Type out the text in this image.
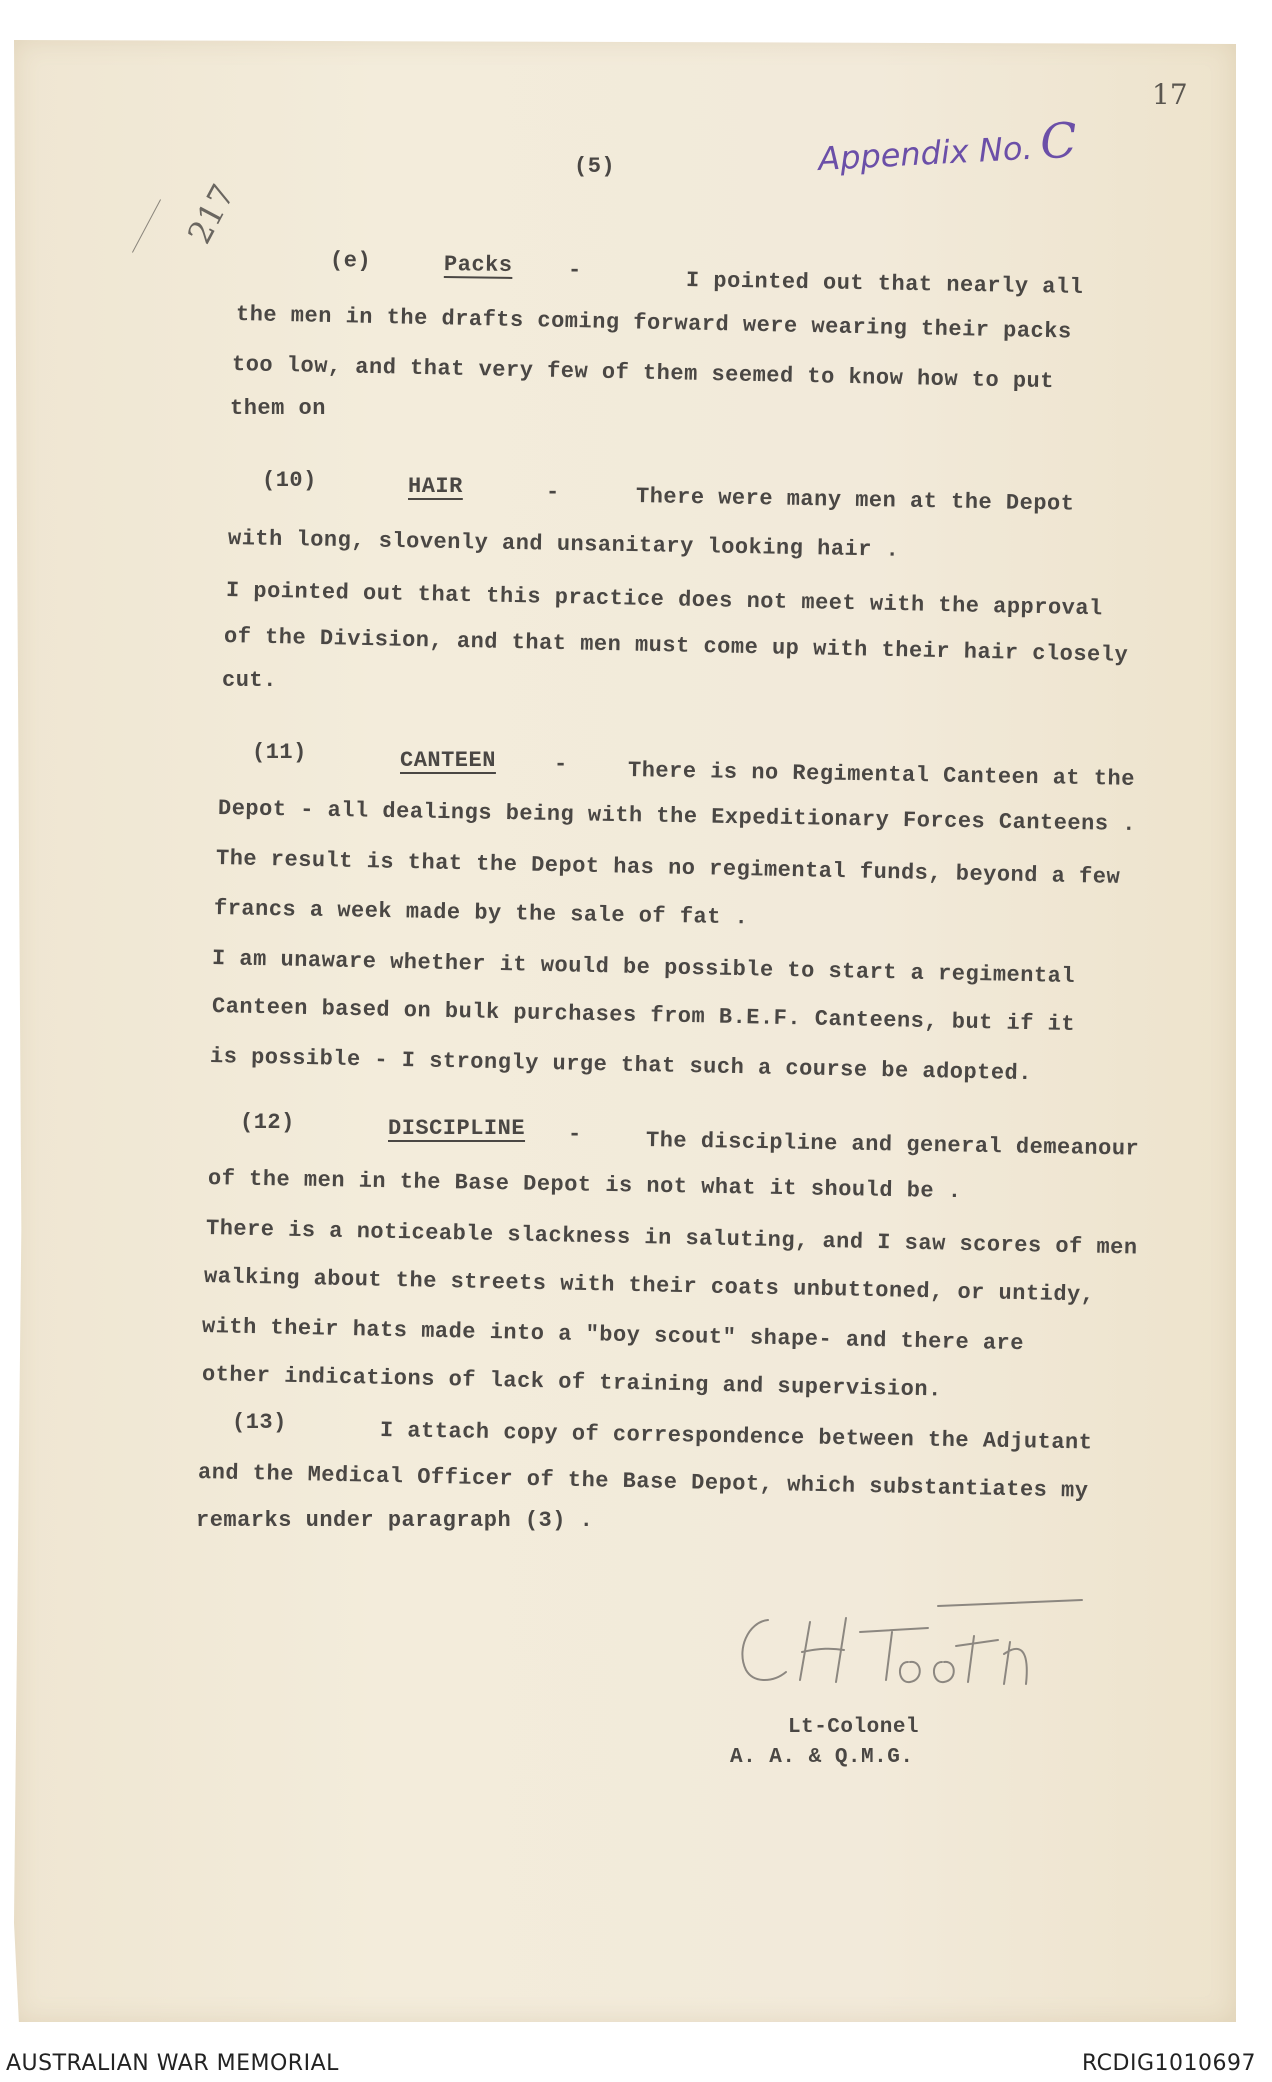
217
17
Appendix No. C
(5)
(e)	Packs	-	I pointed out that nearly all
the men in the drafts coming forward were wearing their packs
too low, and that very few of them seemed to know how to put
them on
(10)	HAIR	-	There were many men at the Depot
with long, slovenly and unsanitary looking hair .
I pointed out that this practice does not meet with the approval
of the Division, and that men must come up with their hair closely
cut.
(11)	CANTEEN	-	There is no Regimental Canteen at the
Depot - all dealings being with the Expeditionary Forces Canteens .
The result is that the Depot has no regimental funds, beyond a few
francs a week made by the sale of fat .
I am unaware whether it would be possible to start a regimental
Canteen based on bulk purchases from B.E.F. Canteens, but if it
is possible - I strongly urge that such a course be adopted.
(12)	DISCIPLINE -	The discipline and general demeanour
of the men in the Base Depot is not what it should be .
There is a noticeable slackness in saluting, and I saw scores of men
walking about the streets with their coats unbuttoned, or untidy,
with their hats made into a "boy scout" shape- and there are
other indications of lack of training and supervision.
(13)	I attach copy of correspondence between the Adjutant
and the Medical Officer of the Base Depot, which substantiates my
remarks under paragraph (3) .
Lt-Colonel
A. A. & Q.M.G.
AUSTRALIAN WAR MEMORIAL	RCDIG1010697
